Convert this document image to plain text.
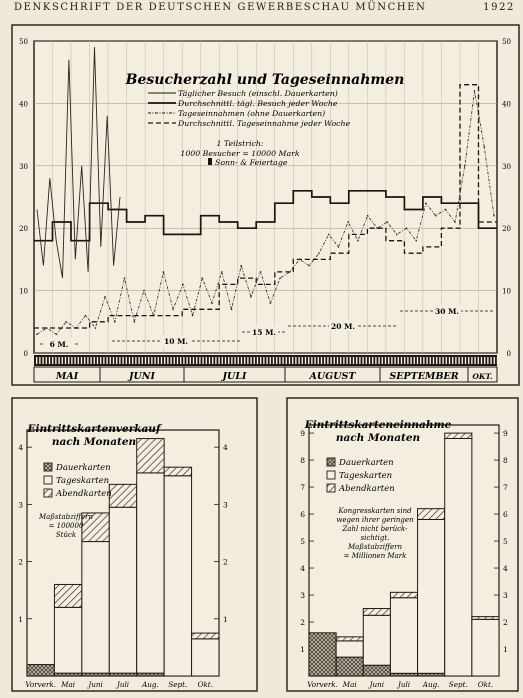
DENKSCHRIFT DER DEUTSCHEN GEWERBESCHAU MÜNCHEN	1922
0	0
10	10
20	20
30	30
40	40
50	50
6 M.	10 M.
15 M.
20 M.
30 M.
MAI	JUNI	JULI	AUGUST	SEPTEMBER OKT.
Besucherzahl und Tageseinnahmen
Täglicher Besuch (einschl. Dauerkarten)
Durchschnittl. tägl. Besuch jeder Woche
Tageseinnahmen (ohne Dauerkarten)
Durchschnittl. Tageseinnahme jeder Woche
1 Teilstrich:
1000 Besucher = 10000 Mark
Sonn- & Feiertage
1	1
2	2
3	3
4	4
Vorverk. Mai Juni Juli Aug. Sept. Okt.
Eintrittskartenverkauf
nach Monaten
Dauerkarten
Tageskarten
Abendkarten
Maßstabziffern
= 100000
Stück
1	1
2	2
3	3
4	4
5	5
6	6
7	7
8	8
9	9
Vorverk. Mai Juni Juli Aug. Sept. Okt.
Eintrittskarteneinnahme
nach Monaten
Dauerkarten
Tageskarten
Abendkarten
Kongresskarten sind
wegen ihrer geringen
Zahl nicht berück-
sichtigt.
Maßstabziffern
= Millionen Mark
